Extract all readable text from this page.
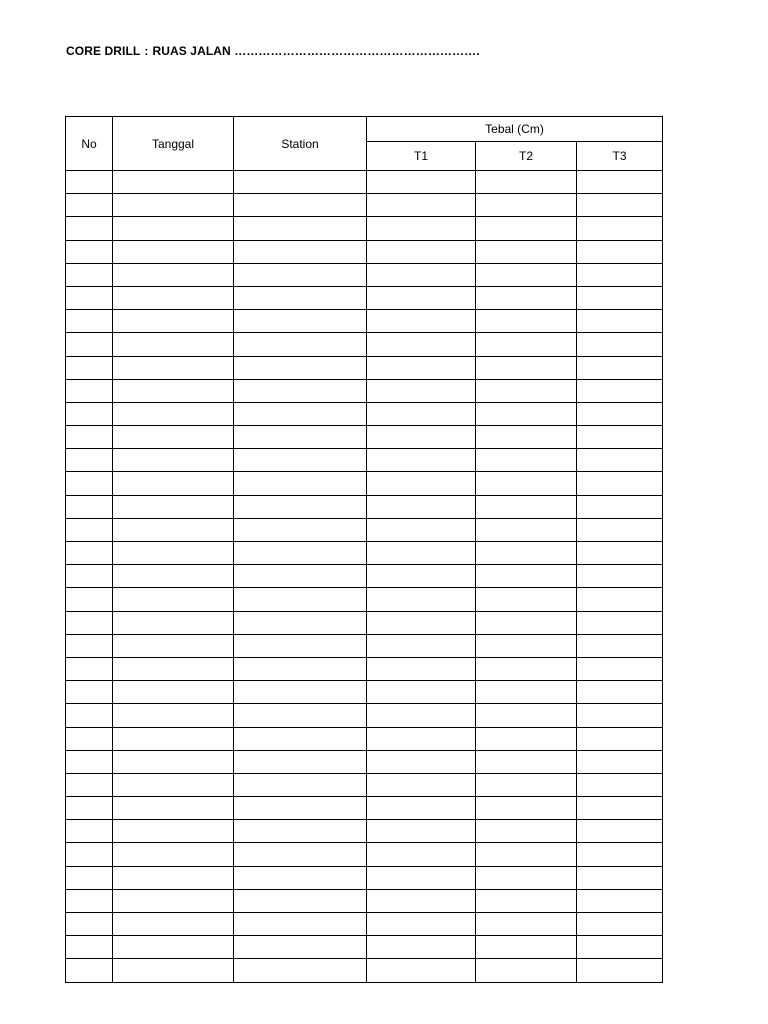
CORE DRILL : RUAS JALAN …………………………………………………….
No	Tanggal	Station	Tebal (Cm)		
			T1	T2	T3
